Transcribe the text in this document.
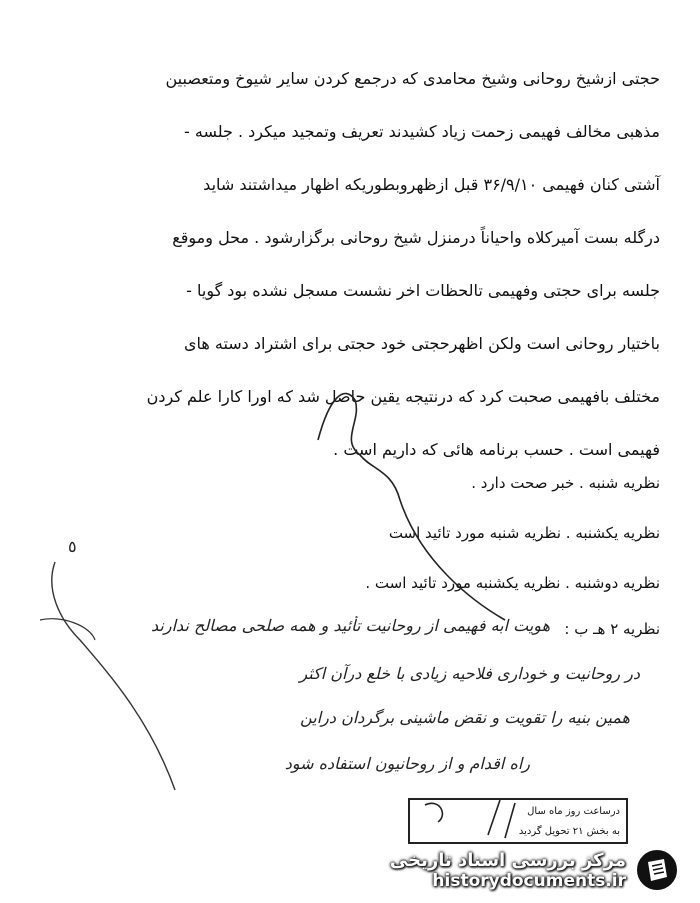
حجتی ازشیخ روحانی وشیخ محامدی که درجمع کردن سایر شیوخ ومتعصبین
مذهبی مخالف فهیمی زحمت زیاد کشیدند تعریف وتمجید میکرد . جلسه -
آشتی کنان فهیمی ۳۶/۹/۱۰ قبل ازظهروبطوریکه اظهار میداشتند شاید
درگله بست آمیرکلاه واحیاناً درمنزل شیخ روحانی برگزارشود . محل وموقع
جلسه برای حجتی وفهیمی تالحظات اخر نشست مسجل نشده بود گویا -
باختیار روحانی است ولکن اظهرحجتی خود حجتی برای اشتراد دسته های
مختلف بافهیمی صحبت کرد که درنتیجه یقین حاصل شد که اورا کارا علم کردن
فهیمی است . حسب برنامه هائی که داریم است .
نظریه شنبه . خبر صحت دارد .
نظریه یکشنبه . نظریه شنبه مورد تائید است
نظریه دوشنبه . نظریه یکشنبه مورد تائید است .
نظریه ۲ هـ ب :
هویت ابه فهیمی از روحانیت تأئید و همه صلحی مصالح ندارند
در روحانیت و خوداری فلاحیه زیادی با خلع درآن اکثر
همین بنیه را تقویت و نقض ماشینی برگردان دراین
راه اقدام و از روحانیون استفاده شود
٥
درساعت روز ماه سال
به بخش ۲۱ تحویل گردید
مرکز بررسی اسناد تاریخی
historydocuments.ir
